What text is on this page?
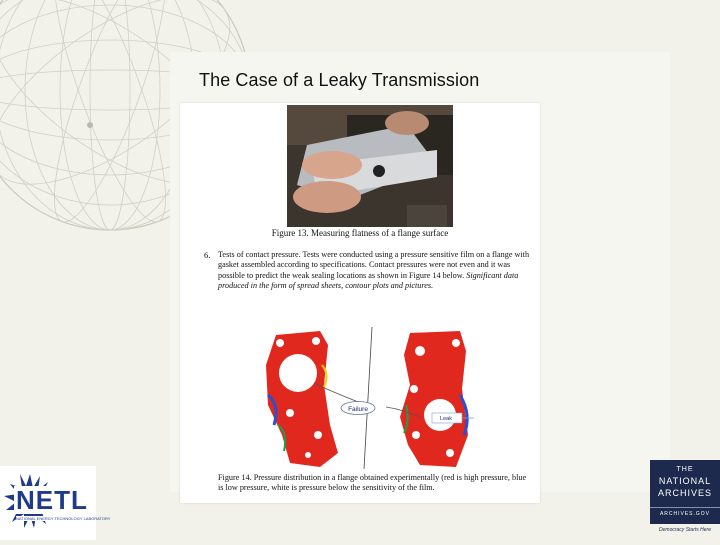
The Case of a Leaky Transmission
Figure 13. Measuring flatness of a flange surface
6. Tests of contact pressure. Tests were conducted using a pressure sensitive film on a flange with gasket assembled according to specifications. Contact pressures were not even and it was possible to predict the weak sealing locations as shown in Figure 14 below. Significant data produced in the form of spread sheets, contour plots and pictures.
Failure
Leak
Figure 14. Pressure distribution in a flange obtained experimentally (red is high pressure, blue is low pressure, white is pressure below the sensitivity of the film.
NETL
NATIONAL ENERGY TECHNOLOGY LABORATORY
THE
NATIONAL
ARCHIVES
ARCHIVES.GOV
Democracy Starts Here
